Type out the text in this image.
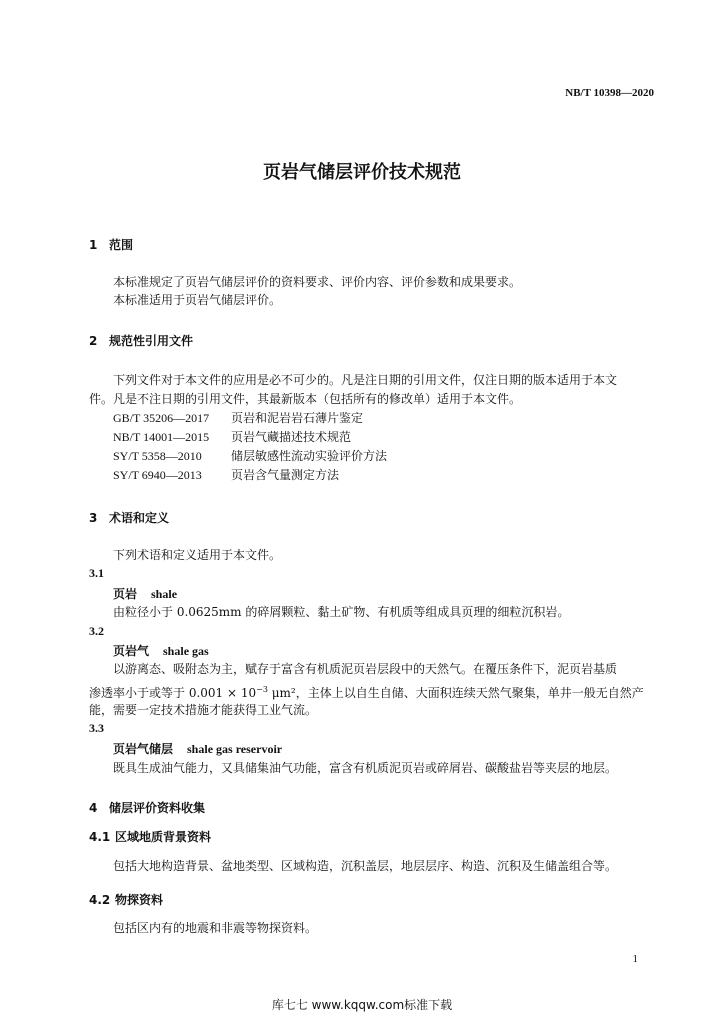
NB/T 10398—2020
页岩气储层评价技术规范
1 范围
本标准规定了页岩气储层评价的资料要求、评价内容、评价参数和成果要求。
本标准适用于页岩气储层评价。
2 规范性引用文件
下列文件对于本文件的应用是必不可少的。凡是注日期的引用文件，仅注日期的版本适用于本文
件。凡是不注日期的引用文件，其最新版本（包括所有的修改单）适用于本文件。
GB/T 35206—2017 页岩和泥岩岩石薄片鉴定
NB/T 14001—2015 页岩气藏描述技术规范
SY/T 5358—2010 储层敏感性流动实验评价方法
SY/T 6940—2013 页岩含气量测定方法
3 术语和定义
下列术语和定义适用于本文件。
3.1
页岩 shale
由粒径小于 0.0625mm 的碎屑颗粒、黏土矿物、有机质等组成具页理的细粒沉积岩。
3.2
页岩气 shale gas
以游离态、吸附态为主，赋存于富含有机质泥页岩层段中的天然气。在覆压条件下，泥页岩基质
渗透率小于或等于 $0.001 \times 10^{-3}$ μm²，主体上以自生自储、大面积连续天然气聚集，单井一般无自然产
能，需要一定技术措施才能获得工业气流。
3.3
页岩气储层 shale gas reservoir
既具生成油气能力，又具储集油气功能，富含有机质泥页岩或碎屑岩、碳酸盐岩等夹层的地层。
4 储层评价资料收集
4.1 区域地质背景资料
包括大地构造背景、盆地类型、区域构造，沉积盖层，地层层序、构造、沉积及生储盖组合等。
4.2 物探资料
包括区内有的地震和非震等物探资料。
1
库七七 www.kqqw.com标准下载
